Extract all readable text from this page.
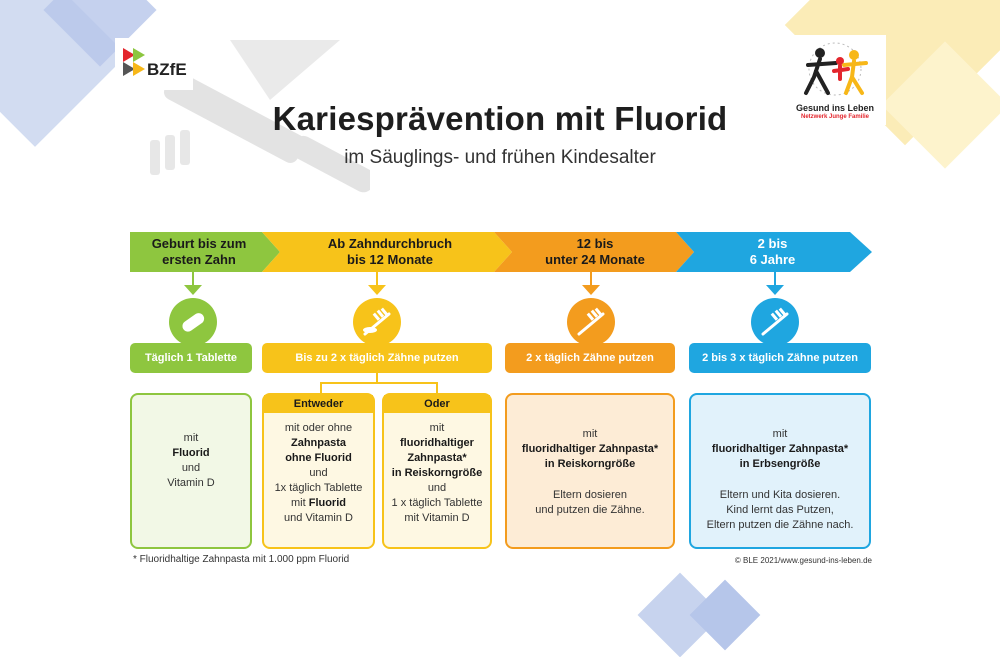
BZfE
Gesund ins Leben
Netzwerk Junge Familie
Kariesprävention mit Fluorid
im Säuglings- und frühen Kindesalter
Geburt bis zum
ersten Zahn
Ab Zahndurchbruch
bis 12 Monate
12 bis
unter 24 Monate
2 bis
6 Jahre
Täglich 1 Tablette	Bis zu 2 x täglich Zähne putzen	2 x täglich Zähne putzen	2 bis 3 x täglich Zähne putzen

mit

Fluorid

und

Vitamin D

Entweder

mit oder ohne

Zahnpasta

ohne Fluorid

und

1x täglich Tablette

mit Fluorid

und Vitamin D

Oder

mit

fluoridhaltiger

Zahnpasta*

in Reiskorngröße

und

1 x täglich Tablette

mit Vitamin D

mit

fluoridhaltiger Zahnpasta*

in Reiskorngröße

Eltern dosieren

und putzen die Zähne.

mit

fluoridhaltiger Zahnpasta*

in Erbsengröße

Eltern und Kita dosieren.

Kind lernt das Putzen,

Eltern putzen die Zähne nach.

* Fluoridhaltige Zahnpasta mit 1.000 ppm Fluorid	© BLE 2021/www.gesund-ins-leben.de
